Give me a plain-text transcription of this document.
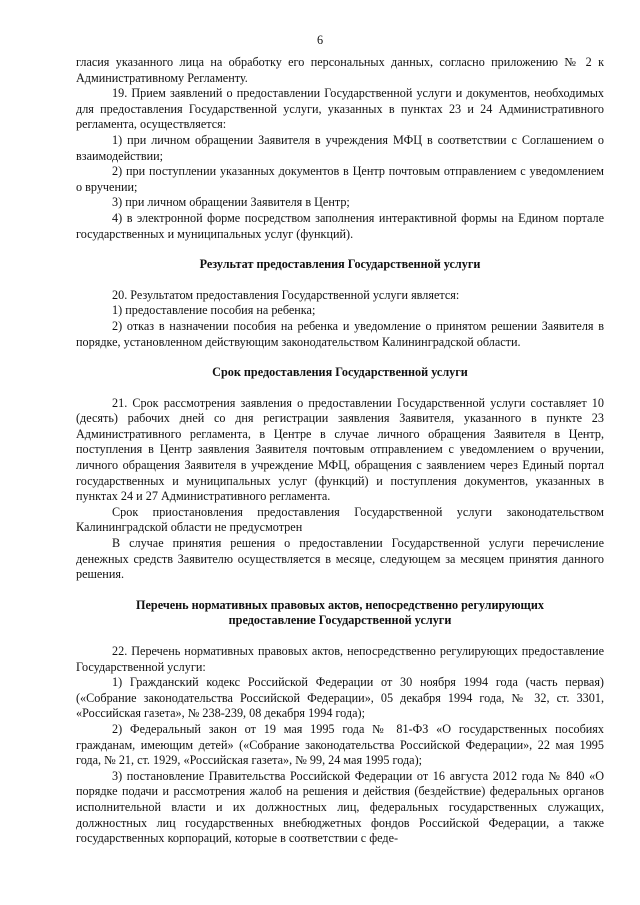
6

гласия указанного лица на обработку его персональных данных, согласно приложению № 2 к Административному Регламенту.

19. Прием заявлений о предоставлении Государственной услуги и документов, необходимых для предоставления Государственной услуги, указанных в пунктах 23 и 24 Административного регламента, осуществляется:

1) при личном обращении Заявителя в учреждения МФЦ в соответствии с Соглашением о взаимодействии;

2) при поступлении указанных документов в Центр почтовым отправлением с уведомлением о вручении;

3) при личном обращении Заявителя в Центр;

4) в электронной форме посредством заполнения интерактивной формы на Едином портале государственных и муниципальных услуг (функций).

Результат предоставления Государственной услуги

20. Результатом предоставления Государственной услуги является:

1) предоставление пособия на ребенка;

2) отказ в назначении пособия на ребенка и уведомление о принятом решении Заявителя в порядке, установленном действующим законодательством Калининградской области.

Срок предоставления Государственной услуги

21. Срок рассмотрения заявления о предоставлении Государственной услуги составляет 10 (десять) рабочих дней со дня регистрации заявления Заявителя, указанного в пункте 23 Административного регламента, в Центре в случае личного обращения Заявителя в Центр, поступления в Центр заявления Заявителя почтовым отправлением с уведомлением о вручении, личного обращения Заявителя в учреждение МФЦ, обращения с заявлением через Единый портал государственных и муниципальных услуг (функций) и поступления документов, указанных в пунктах 24 и 27 Административного регламента.

Срок приостановления предоставления Государственной услуги законодательством Калининградской области не предусмотрен

В случае принятия решения о предоставлении Государственной услуги перечисление денежных средств Заявителю осуществляется в месяце, следующем за месяцем принятия данного решения.

Перечень нормативных правовых актов, непосредственно регулирующих
предоставление Государственной услуги

22. Перечень нормативных правовых актов, непосредственно регулирующих предоставление Государственной услуги:

1) Гражданский кодекс Российской Федерации от 30 ноября 1994 года (часть первая) («Собрание законодательства Российской Федерации», 05 декабря 1994 года, № 32, ст. 3301, «Российская газета», № 238-239, 08 декабря 1994 года);

2) Федеральный закон от 19 мая 1995 года № 81-ФЗ «О государственных пособиях гражданам, имеющим детей» («Собрание законодательства Российской Федерации», 22 мая 1995 года, № 21, ст. 1929, «Российская газета», № 99, 24 мая 1995 года);

3) постановление Правительства Российской Федерации от 16 августа 2012 года № 840 «О порядке подачи и рассмотрения жалоб на решения и действия (бездействие) федеральных органов исполнительной власти и их должностных лиц, федеральных государственных служащих, должностных лиц государственных внебюджетных фондов Российской Федерации, а также государственных корпораций, которые в соответствии с феде-
